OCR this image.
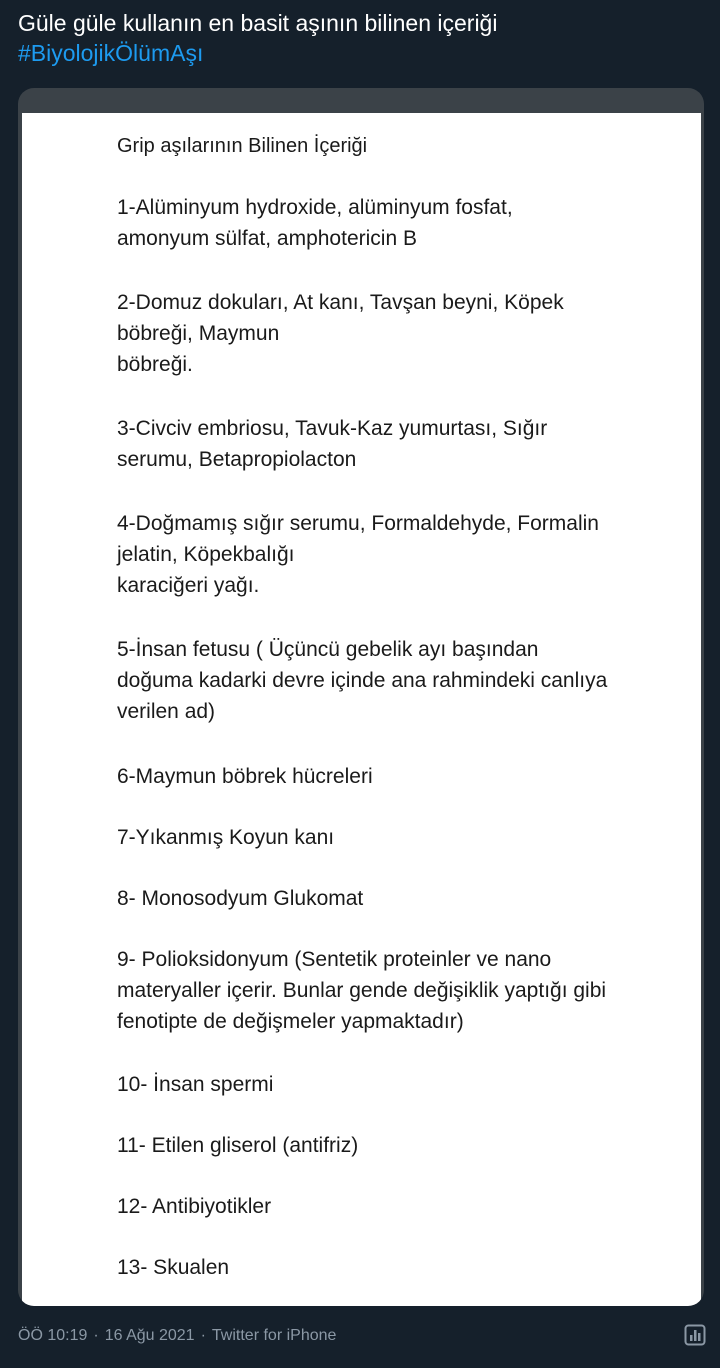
Güle güle kullanın en basit aşının bilinen içeriği
#BiyolojikÖlümAşı

Grip aşılarının Bilinen İçeriği

1-Alüminyum hydroxide, alüminyum fosfat,
amonyum sülfat, amphotericin B

2-Domuz dokuları, At kanı, Tavşan beyni, Köpek
böbreği, Maymun
böbreği.

3-Civciv embriosu, Tavuk-Kaz yumurtası, Sığır
serumu, Betapropiolacton

4-Doğmamış sığır serumu, Formaldehyde, Formalin
jelatin, Köpekbalığı
karaciğeri yağı.

5-İnsan fetusu ( Üçüncü gebelik ayı başından
doğuma kadarki devre içinde ana rahmindeki canlıya
verilen ad)

6-Maymun böbrek hücreleri

7-Yıkanmış Koyun kanı

8- Monosodyum Glukomat

9- Polioksidonyum (Sentetik proteinler ve nano
materyaller içerir. Bunlar gende değişiklik yaptığı gibi
fenotipte de değişmeler yapmaktadır)

10- İnsan spermi

11- Etilen gliserol (antifriz)

12- Antibiyotikler

13- Skualen

ÖÖ 10:19 · 16 Ağu 2021 · Twitter for iPhone
